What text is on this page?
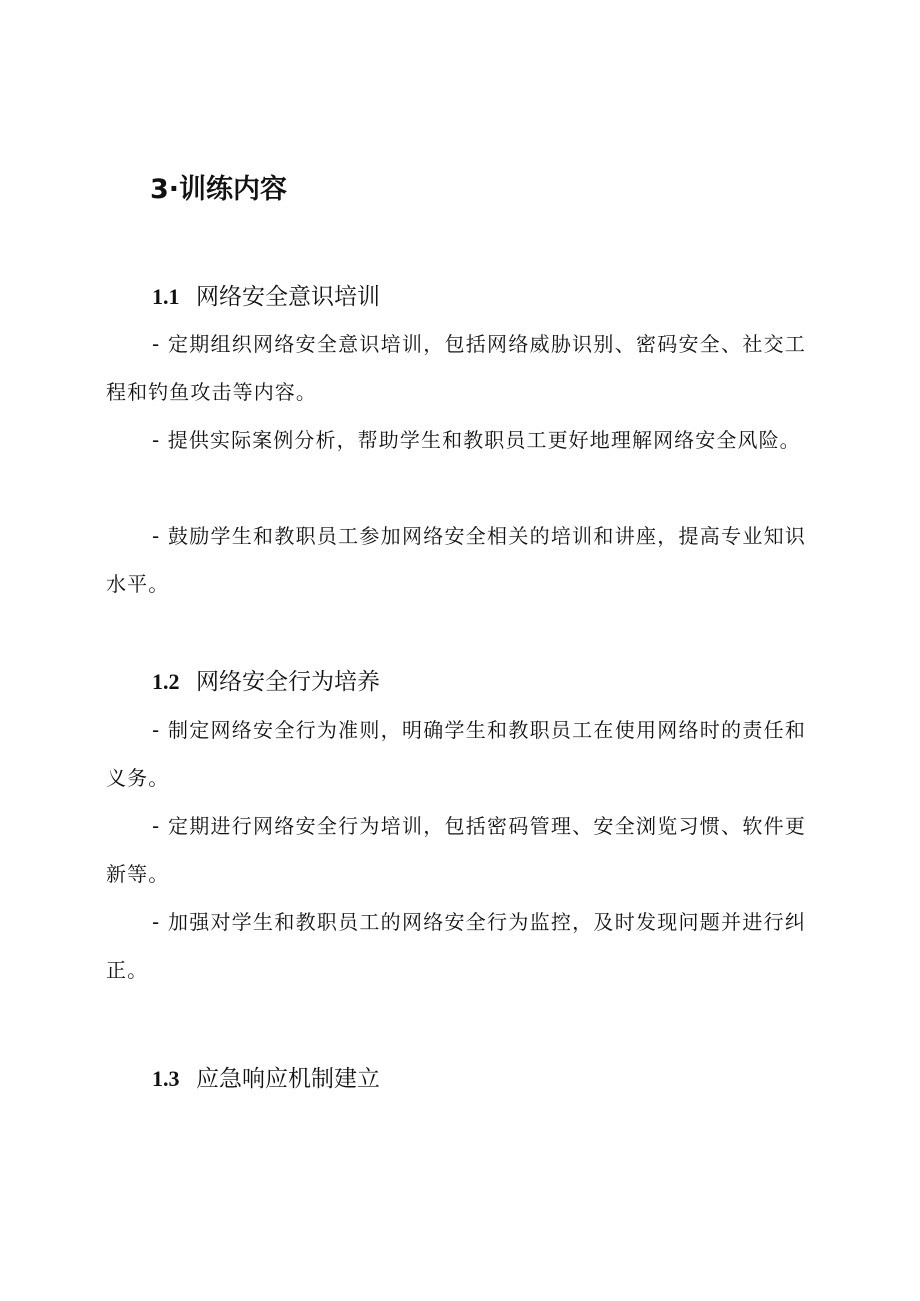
3·训练内容
1.1 网络安全意识培训

- 定期组织网络安全意识培训，包括网络威胁识别、密码安全、社交工程和钓鱼攻击等内容。

- 提供实际案例分析，帮助学生和教职员工更好地理解网络安全风险。

- 鼓励学生和教职员工参加网络安全相关的培训和讲座，提高专业知识水平。

1.2 网络安全行为培养

- 制定网络安全行为准则，明确学生和教职员工在使用网络时的责任和义务。

- 定期进行网络安全行为培训，包括密码管理、安全浏览习惯、软件更新等。

- 加强对学生和教职员工的网络安全行为监控，及时发现问题并进行纠正。

1.3 应急响应机制建立
